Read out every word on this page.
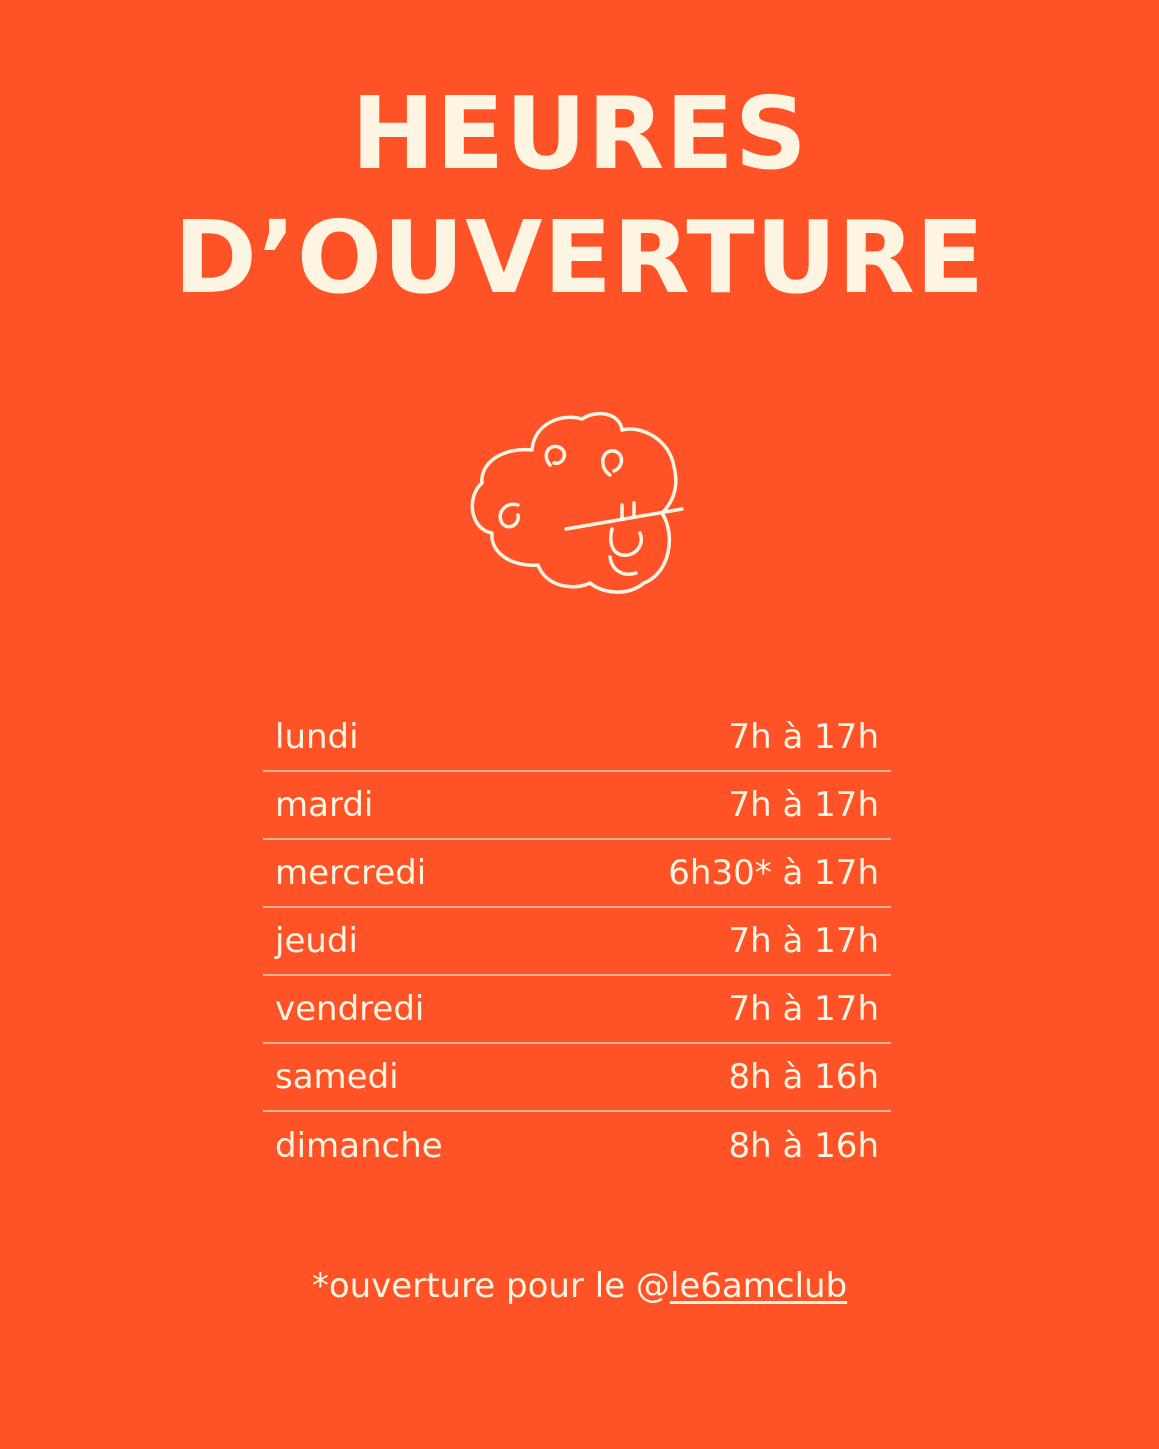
HEURES
D’OUVERTURE
lundi	7h à 17h
mardi	7h à 17h
mercredi	6h30* à 17h
jeudi	7h à 17h
vendredi	7h à 17h
samedi	8h à 16h
dimanche	8h à 16h
*ouverture pour le @le6amclub
